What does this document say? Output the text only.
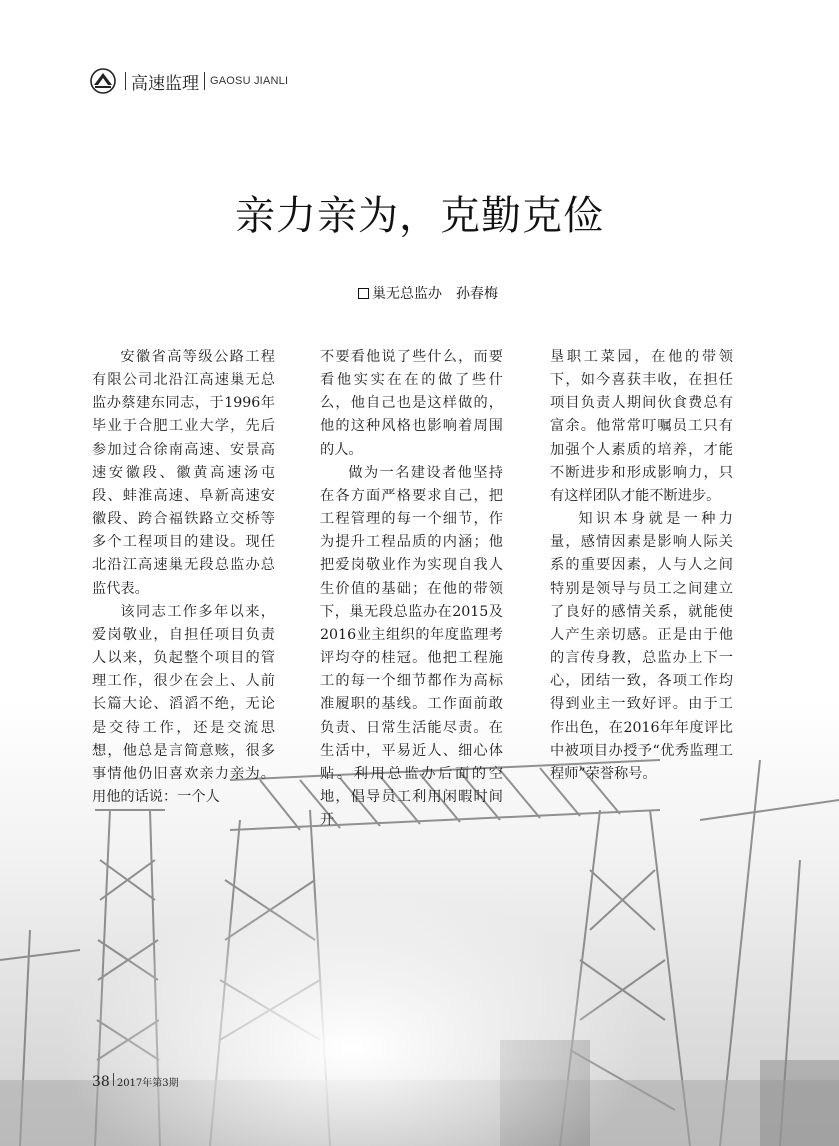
高速监理 GAOSU JIANLI
亲力亲为，克勤克俭
巢无总监办 孙春梅

安徽省高等级公路工程有限公司北沿江高速巢无总监办蔡建东同志，于1996年毕业于合肥工业大学，先后参加过合徐南高速、安景高速安徽段、徽黄高速汤屯段、蚌淮高速、阜新高速安徽段、跨合福铁路立交桥等多个工程项目的建设。现任北沿江高速巢无段总监办总监代表。

该同志工作多年以来，爱岗敬业，自担任项目负责人以来，负起整个项目的管理工作，很少在会上、人前长篇大论、滔滔不绝，无论是交待工作，还是交流思想，他总是言简意赅，很多事情他仍旧喜欢亲力亲为。用他的话说：一个人

不要看他说了些什么，而要看他实实在在的做了些什么，他自己也是这样做的，他的这种风格也影响着周围的人。

做为一名建设者他坚持在各方面严格要求自己，把工程管理的每一个细节，作为提升工程品质的内涵；他把爱岗敬业作为实现自我人生价值的基础；在他的带领下，巢无段总监办在2015及2016业主组织的年度监理考评均夺的桂冠。他把工程施工的每一个细节都作为高标准履职的基线。工作面前敢负责、日常生活能尽责。在生活中，平易近人、细心体贴。利用总监办后面的空地，倡导员工利用闲暇时间开

垦职工菜园，在他的带领下，如今喜获丰收，在担任项目负责人期间伙食费总有富余。他常常叮嘱员工只有加强个人素质的培养，才能不断进步和形成影响力，只有这样团队才能不断进步。

知识本身就是一种力量，感情因素是影响人际关系的重要因素，人与人之间特别是领导与员工之间建立了良好的感情关系，就能使人产生亲切感。正是由于他的言传身教，总监办上下一心，团结一致，各项工作均得到业主一致好评。由于工作出色，在2016年年度评比中被项目办授予“优秀监理工程师”荣誉称号。

38 2017年第3期
